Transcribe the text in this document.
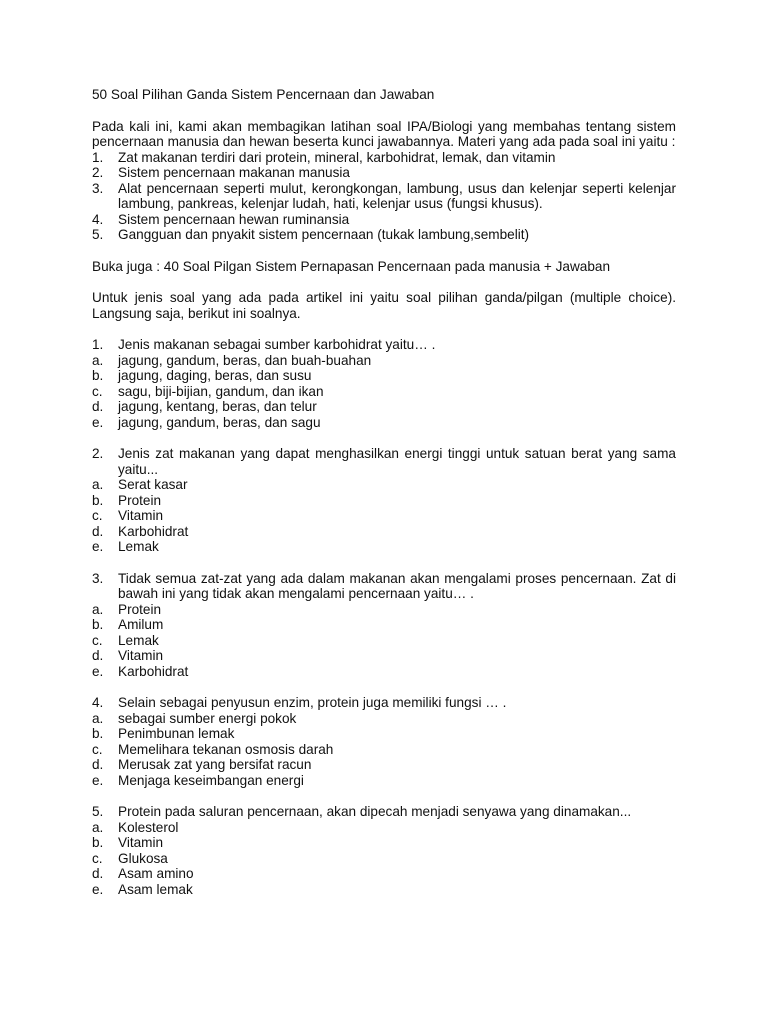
50 Soal Pilihan Ganda Sistem Pencernaan dan Jawaban

Pada kali ini, kami akan membagikan latihan soal IPA/Biologi yang membahas tentang sistem pencernaan manusia dan hewan beserta kunci jawabannya. Materi yang ada pada soal ini yaitu :

1.	Zat makanan terdiri dari protein, mineral, karbohidrat, lemak, dan vitamin
2.	Sistem pencernaan makanan manusia
3.	Alat pencernaan seperti mulut, kerongkongan, lambung, usus dan kelenjar seperti kelenjar lambung, pankreas, kelenjar ludah, hati, kelenjar usus (fungsi khusus).
4.	Sistem pencernaan hewan ruminansia
5.	Gangguan dan pnyakit sistem pencernaan (tukak lambung,sembelit)

Buka juga : 40 Soal Pilgan Sistem Pernapasan Pencernaan pada manusia + Jawaban

Untuk jenis soal yang ada pada artikel ini yaitu soal pilihan ganda/pilgan (multiple choice). Langsung saja, berikut ini soalnya.

1.	Jenis makanan sebagai sumber karbohidrat yaitu… .
a.	jagung, gandum, beras, dan buah-buahan
b.	jagung, daging, beras, dan susu
c.	sagu, biji-bijian, gandum, dan ikan
d.	jagung, kentang, beras, dan telur
e.	jagung, gandum, beras, dan sagu
2.	Jenis zat makanan yang dapat menghasilkan energi tinggi untuk satuan berat yang sama yaitu...
a.	Serat kasar
b.	Protein
c.	Vitamin
d.	Karbohidrat
e.	Lemak
3.	Tidak semua zat-zat yang ada dalam makanan akan mengalami proses pencernaan. Zat di bawah ini yang tidak akan mengalami pencernaan yaitu… .
a.	Protein
b.	Amilum
c.	Lemak
d.	Vitamin
e.	Karbohidrat
4.	Selain sebagai penyusun enzim, protein juga memiliki fungsi … .
a.	sebagai sumber energi pokok
b.	Penimbunan lemak
c.	Memelihara tekanan osmosis darah
d.	Merusak zat yang bersifat racun
e.	Menjaga keseimbangan energi
5.	Protein pada saluran pencernaan, akan dipecah menjadi senyawa yang dinamakan...
a.	Kolesterol
b.	Vitamin
c.	Glukosa
d.	Asam amino
e.	Asam lemak
